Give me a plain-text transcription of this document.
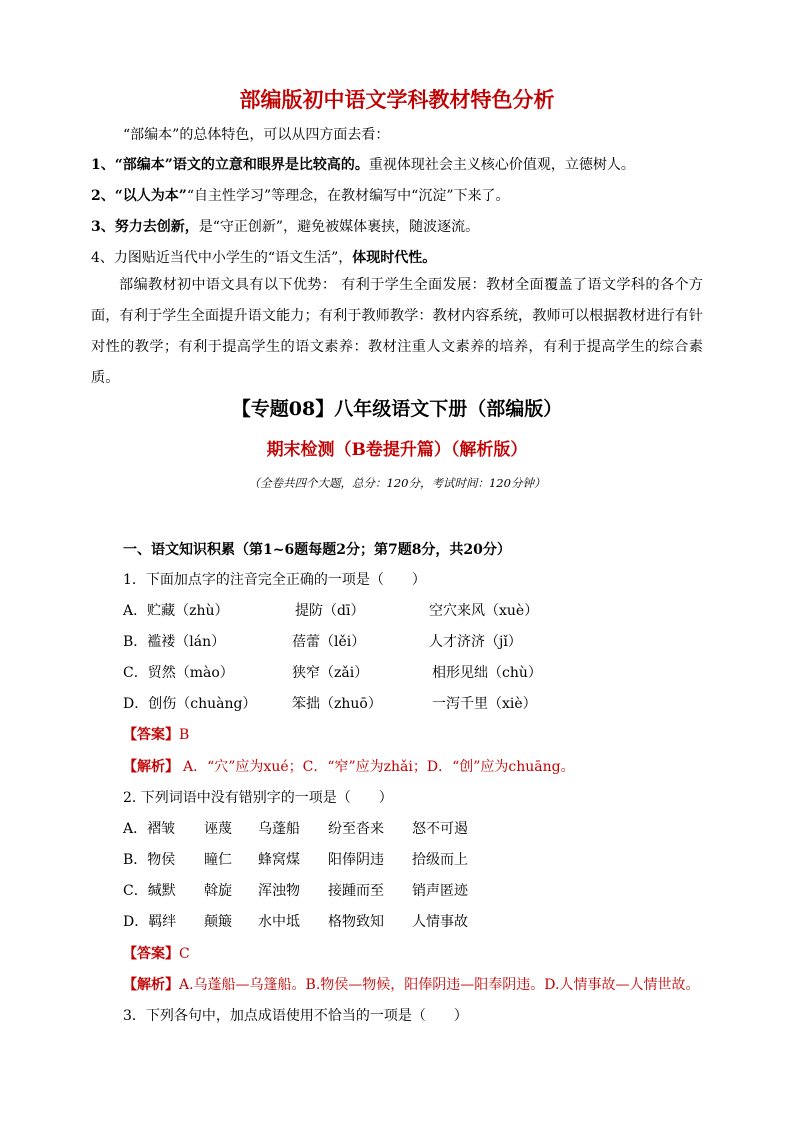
部编版初中语文学科教材特色分析
“部编本”的总体特色，可以从四方面去看：
1、“部编本”语文的立意和眼界是比较高的。重视体现社会主义核心价值观，立德树人。
2、“以人为本”“自主性学习”等理念，在教材编写中“沉淀”下来了。
3、努力去创新，是“守正创新”，避免被媒体裹挟，随波逐流。
4、力图贴近当代中小学生的“语文生活”，体现时代性。
部编教材初中语文具有以下优势： 有利于学生全面发展：教材全面覆盖了语文学科的各个方面，有利于学生全面提升语文能力；有利于教师教学：教材内容系统，教师可以根据教材进行有针对性的教学；有利于提高学生的语文素养：教材注重人文素养的培养，有利于提高学生的综合素质。
【专题08】八年级语文下册（部编版）
期末检测（B卷提升篇）（解析版）
（全卷共四个大题，总分：120分，考试时间：120分钟）
一、语文知识积累（第1~6题每题2分；第7题8分，共20分）
1．下面加点字的注音完全正确的一项是（　　）
A．贮藏（zhù）	提防（dī）	空穴来风（xuè）
B．褴褛（lán）	蓓蕾（lěi）	人才济济（jǐ）
C．贸然（mào）	狭窄（zǎi）	相形见绌（chù）
D．创伤（chuàng）	笨拙（zhuō）	一泻千里（xiè）
【答案】B
【解析】 A．“穴”应为xué；C．“窄”应为zhǎi；D．“创”应为chuāng。
2. 下列词语中没有错别字的一项是（　　）
A．褶皱 诬蔑 乌蓬船 纷至沓来 怒不可遏
B．物侯 瞳仁 蜂窝煤 阳俸阴违 拾级而上
C．缄默 斡旋 浑浊物 接踵而至 销声匿迹
D．羁绊 颠簸 水中坻 格物致知 人情事故
【答案】C
【解析】A.乌蓬船—乌篷船。B.物侯—物候，阳俸阴违—阳奉阴违。D.人情事故—人情世故。
3．下列各句中，加点成语使用不恰当的一项是（　　）
